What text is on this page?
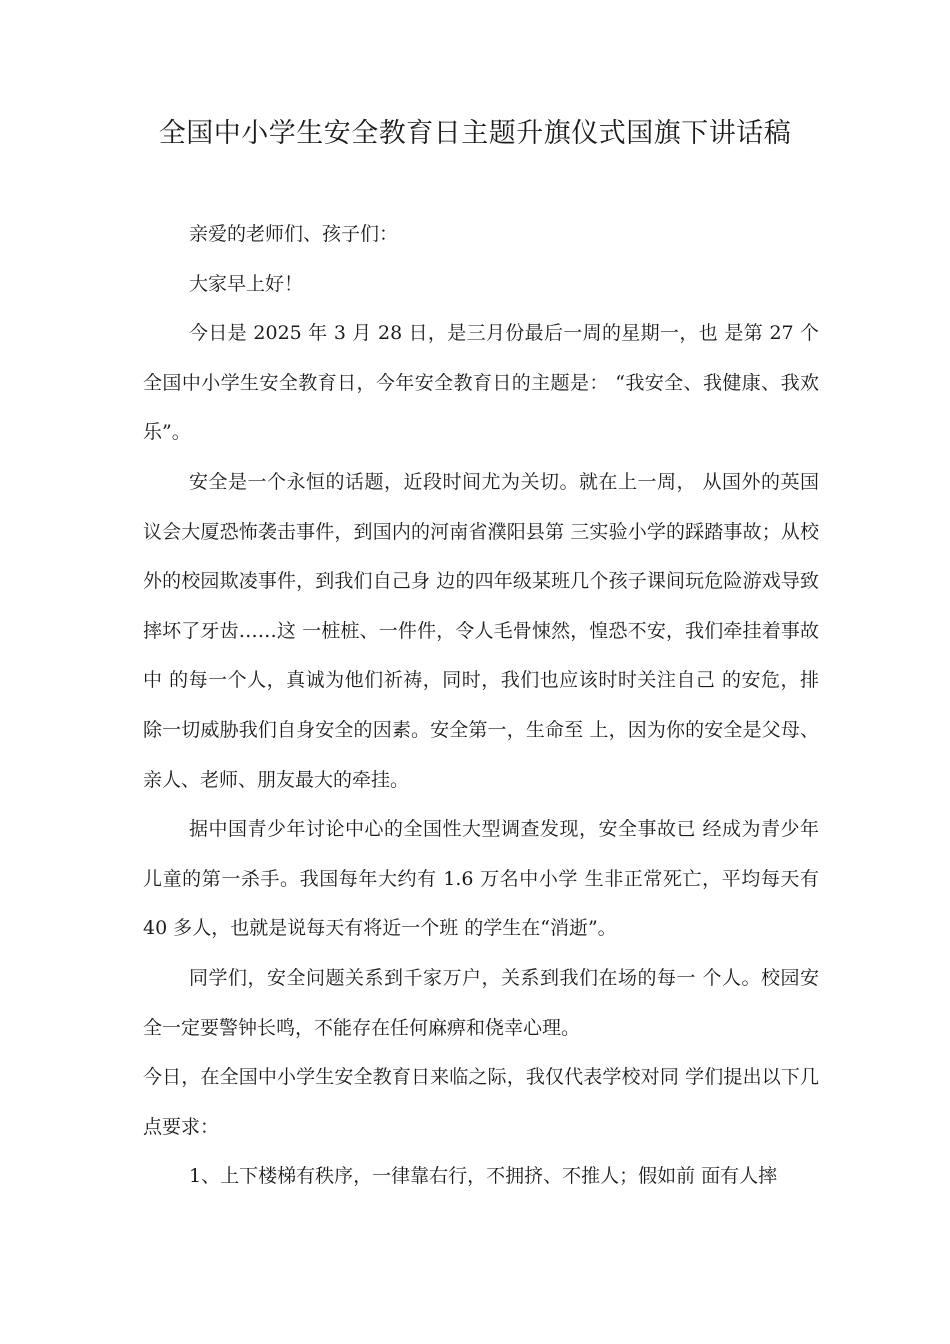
全国中小学生安全教育日主题升旗仪式国旗下讲话稿

亲爱的老师们、孩子们：

大家早上好！

今日是 2025 年 3 月 28 日，是三月份最后一周的星期一，也 是第 27 个全国中小学生安全教育日，今年安全教育日的主题是： “我安全、我健康、我欢乐”。

安全是一个永恒的话题，近段时间尤为关切。就在上一周， 从国外的英国议会大厦恐怖袭击事件，到国内的河南省濮阳县第 三实验小学的踩踏事故；从校外的校园欺凌事件，到我们自己身 边的四年级某班几个孩子课间玩危险游戏导致摔坏了牙齿……这 一桩桩、一件件，令人毛骨悚然，惶恐不安，我们牵挂着事故中 的每一个人，真诚为他们祈祷，同时，我们也应该时时关注自己 的安危，排除一切威胁我们自身安全的因素。安全第一，生命至 上，因为你的安全是父母、亲人、老师、朋友最大的牵挂。

据中国青少年讨论中心的全国性大型调查发现，安全事故已 经成为青少年儿童的第一杀手。我国每年大约有 1.6 万名中小学 生非正常死亡，平均每天有 40 多人，也就是说每天有将近一个班 的学生在“消逝”。

同学们，安全问题关系到千家万户，关系到我们在场的每一 个人。校园安全一定要警钟长鸣，不能存在任何麻痹和侥幸心理。

今日，在全国中小学生安全教育日来临之际，我仅代表学校对同 学们提出以下几点要求：

1、上下楼梯有秩序，一律靠右行，不拥挤、不推人；假如前 面有人摔
